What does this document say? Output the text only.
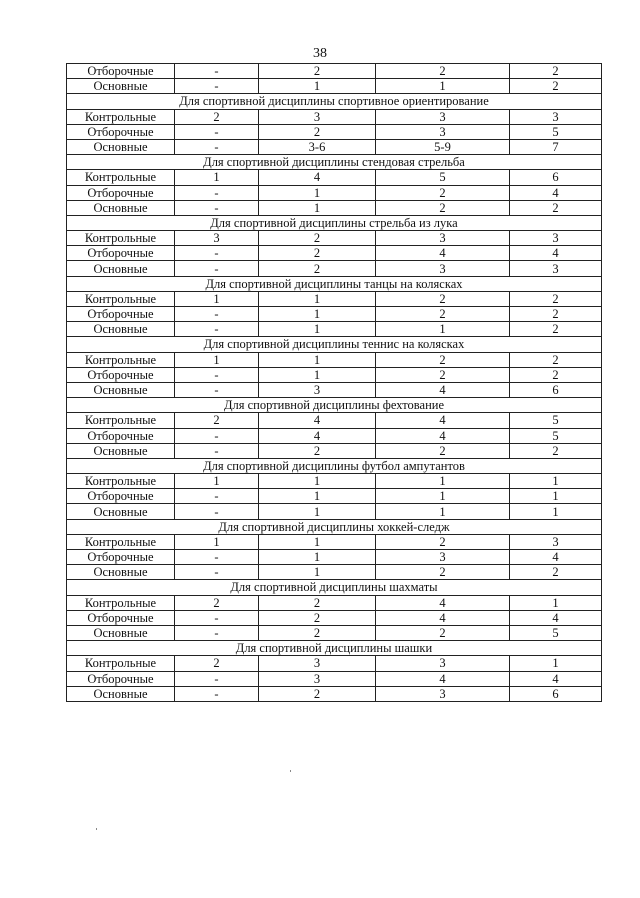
38
Отборочные	-	2	2	2
Основные	-	1	1	2
Для спортивной дисциплины спортивное ориентирование				
Контрольные	2	3	3	3
Отборочные	-	2	3	5
Основные	-	3-6	5-9	7
Для спортивной дисциплины стендовая стрельба				
Контрольные	1	4	5	6
Отборочные	-	1	2	4
Основные	-	1	2	2
Для спортивной дисциплины стрельба из лука				
Контрольные	3	2	3	3
Отборочные	-	2	4	4
Основные	-	2	3	3
Для спортивной дисциплины танцы на колясках				
Контрольные	1	1	2	2
Отборочные	-	1	2	2
Основные	-	1	1	2
Для спортивной дисциплины теннис на колясках				
Контрольные	1	1	2	2
Отборочные	-	1	2	2
Основные	-	3	4	6
Для спортивной дисциплины фехтование				
Контрольные	2	4	4	5
Отборочные	-	4	4	5
Основные	-	2	2	2
Для спортивной дисциплины футбол ампутантов				
Контрольные	1	1	1	1
Отборочные	-	1	1	1
Основные	-	1	1	1
Для спортивной дисциплины хоккей-следж				
Контрольные	1	1	2	3
Отборочные	-	1	3	4
Основные	-	1	2	2
Для спортивной дисциплины шахматы				
Контрольные	2	2	4	1
Отборочные	-	2	4	4
Основные	-	2	2	5
Для спортивной дисциплины шашки				
Контрольные	2	3	3	1
Отборочные	-	3	4	4
Основные	-	2	3	6
